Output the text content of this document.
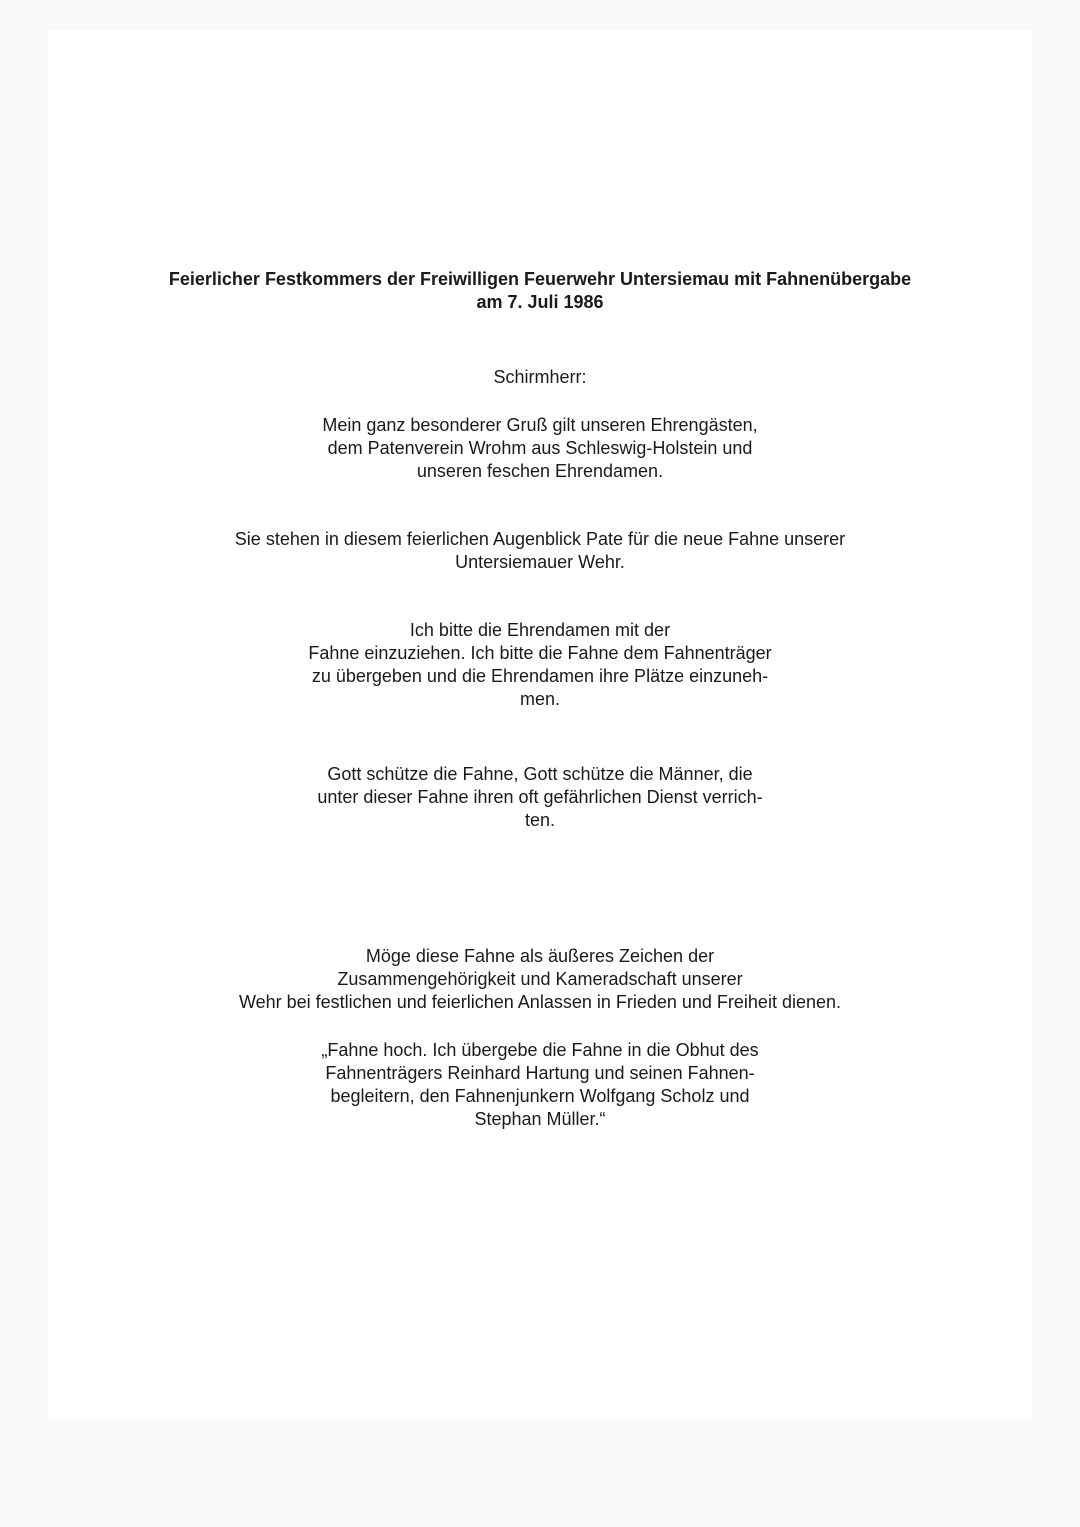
Feierlicher Festkommers der Freiwilligen Feuerwehr Untersiemau mit Fahnenübergabe
am 7. Juli 1986
Schirmherr:
Mein ganz besonderer Gruß gilt unseren Ehrengästen,
dem Patenverein Wrohm aus Schleswig-Holstein und
unseren feschen Ehrendamen.
Sie stehen in diesem feierlichen Augenblick Pate für die neue Fahne unserer
Untersiemauer Wehr.
Ich bitte die Ehrendamen mit der
Fahne einzuziehen. Ich bitte die Fahne dem Fahnenträger
zu übergeben und die Ehrendamen ihre Plätze einzuneh-
men.
Gott schütze die Fahne, Gott schütze die Männer, die
unter dieser Fahne ihren oft gefährlichen Dienst verrich-
ten.
Möge diese Fahne als äußeres Zeichen der
Zusammengehörigkeit und Kameradschaft unserer
Wehr bei festlichen und feierlichen Anlassen in Frieden und Freiheit dienen.
„Fahne hoch. Ich übergebe die Fahne in die Obhut des
Fahnenträgers Reinhard Hartung und seinen Fahnen-
begleitern, den Fahnenjunkern Wolfgang Scholz und
Stephan Müller.“
